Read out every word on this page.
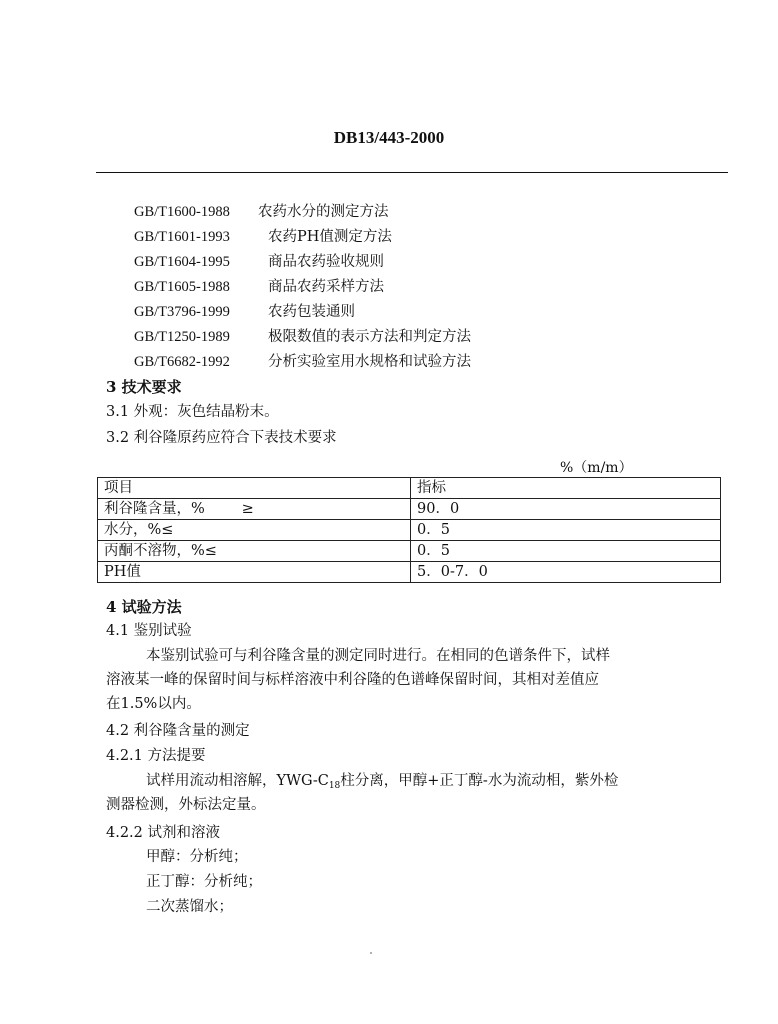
DB13/443-2000
GB/T1600-1988 农药水分的测定方法
GB/T1601-1993	农药PH值测定方法
GB/T1604-1995	商品农药验收规则
GB/T1605-1988	商品农药采样方法
GB/T3796-1999	农药包装通则
GB/T1250-1989	极限数值的表示方法和判定方法
GB/T6682-1992	分析实验室用水规格和试验方法
3 技术要求
3.1 外观：灰色结晶粉末。
3.2 利谷隆原药应符合下表技术要求
%（m/m）
项目	指标
利谷隆含量，%        ≥	90．0
水分，%≤	0．5
丙酮不溶物，%≤	0．5
PH值	5．0-7．0
4 试验方法
4.1 鉴别试验
本鉴别试验可与利谷隆含量的测定同时进行。在相同的色谱条件下，试样
溶液某一峰的保留时间与标样溶液中利谷隆的色谱峰保留时间，其相对差值应
在1.5%以内。
4.2 利谷隆含量的测定
4.2.1 方法提要
试样用流动相溶解，YWG-$C_{18}$柱分离，甲醇+正丁醇-水为流动相，紫外检
测器检测，外标法定量。
4.2.2 试剂和溶液
甲醇：分析纯；
正丁醇：分析纯；
二次蒸馏水；
